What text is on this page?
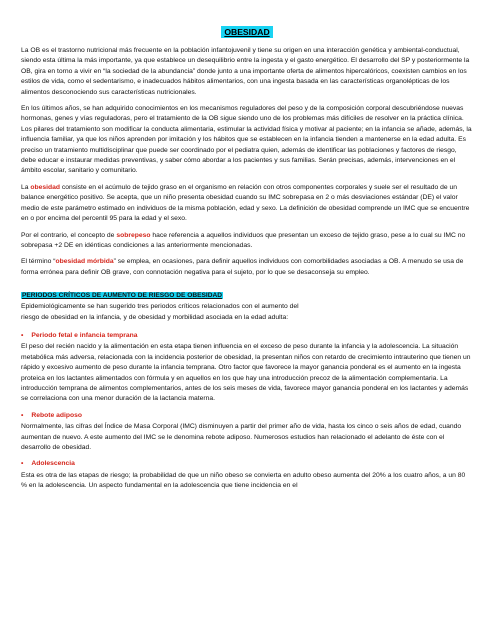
OBESIDAD

La OB es el trastorno nutricional más frecuente en la población infantojuvenil y tiene su origen en una interacción genética y ambiental-conductual, siendo esta última la más importante, ya que establece un desequilibrio entre la ingesta y el gasto energético. El desarrollo del SP y posteriormente la OB, gira en torno a vivir en “la sociedad de la abundancia” donde junto a una importante oferta de alimentos hipercalóricos, coexisten cambios en los estilos de vida, como el sedentarismo, e inadecuados hábitos alimentarios, con una ingesta basada en las características organolépticas de los alimentos desconociendo sus características nutricionales.

En los últimos años, se han adquirido conocimientos en los mecanismos reguladores del peso y de la composición corporal descubriéndose nuevas hormonas, genes y vías reguladoras, pero el tratamiento de la OB sigue siendo uno de los problemas más difíciles de resolver en la práctica clínica. Los pilares del tratamiento son modificar la conducta alimentaria, estimular la actividad física y motivar al paciente; en la infancia se añade, además, la influencia familiar, ya que los niños aprenden por imitación y los hábitos que se establecen en la infancia tienden a mantenerse en la edad adulta. Es preciso un tratamiento multidisciplinar que puede ser coordinado por el pediatra quien, además de identificar las poblaciones y factores de riesgo, debe educar e instaurar medidas preventivas, y saber cómo abordar a los pacientes y sus familias. Serán precisas, además, intervenciones en el ámbito escolar, sanitario y comunitario.

La obesidad consiste en el acúmulo de tejido graso en el organismo en relación con otros componentes corporales y suele ser el resultado de un balance energético positivo. Se acepta, que un niño presenta obesidad cuando su IMC sobrepasa en 2 o más desviaciones estándar (DE) el valor medio de este parámetro estimado en individuos de la misma población, edad y sexo. La definición de obesidad comprende un IMC que se encuentre en o por encima del percentil 95 para la edad y el sexo.

Por el contrario, el concepto de sobrepeso hace referencia a aquellos individuos que presentan un exceso de tejido graso, pese a lo cual su IMC no sobrepasa +2 DE en idénticas condiciones a las anteriormente mencionadas.

El término “obesidad mórbida” se emplea, en ocasiones, para definir aquellos individuos con comorbilidades asociadas a OB. A menudo se usa de forma errónea para definir OB grave, con connotación negativa para el sujeto, por lo que se desaconseja su empleo.

PERIODOS CRÍTICOS DE AUMENTO DE RIESGO DE OBESIDAD

Epidemiológicamente se han sugerido tres periodos críticos relacionados con el aumento del
riesgo de obesidad en la infancia, y de obesidad y morbilidad asociada en la edad adulta:

• Periodo fetal e infancia temprana

El peso del recién nacido y la alimentación en esta etapa tienen influencia en el exceso de peso durante la infancia y la adolescencia. La situación metabólica más adversa, relacionada con la incidencia posterior de obesidad, la presentan niños con retardo de crecimiento intrauterino que tienen un rápido y excesivo aumento de peso durante la infancia temprana. Otro factor que favorece la mayor ganancia ponderal es el aumento en la ingesta proteica en los lactantes alimentados con fórmula y en aquellos en los que hay una introducción precoz de la alimentación complementaria. La introducción temprana de alimentos complementarios, antes de los seis meses de vida, favorece mayor ganancia ponderal en los lactantes y además se correlaciona con una menor duración de la lactancia materna.

• Rebote adiposo

Normalmente, las cifras del Índice de Masa Corporal (IMC) disminuyen a partir del primer año de vida, hasta los cinco o seis años de edad, cuando aumentan de nuevo. A este aumento del IMC se le denomina rebote adiposo. Numerosos estudios han relacionado el adelanto de éste con el desarrollo de obesidad.

• Adolescencia

Esta es otra de las etapas de riesgo; la probabilidad de que un niño obeso se convierta en adulto obeso aumenta del 20% a los cuatro años, a un 80 % en la adolescencia. Un aspecto fundamental en la adolescencia que tiene incidencia en el
